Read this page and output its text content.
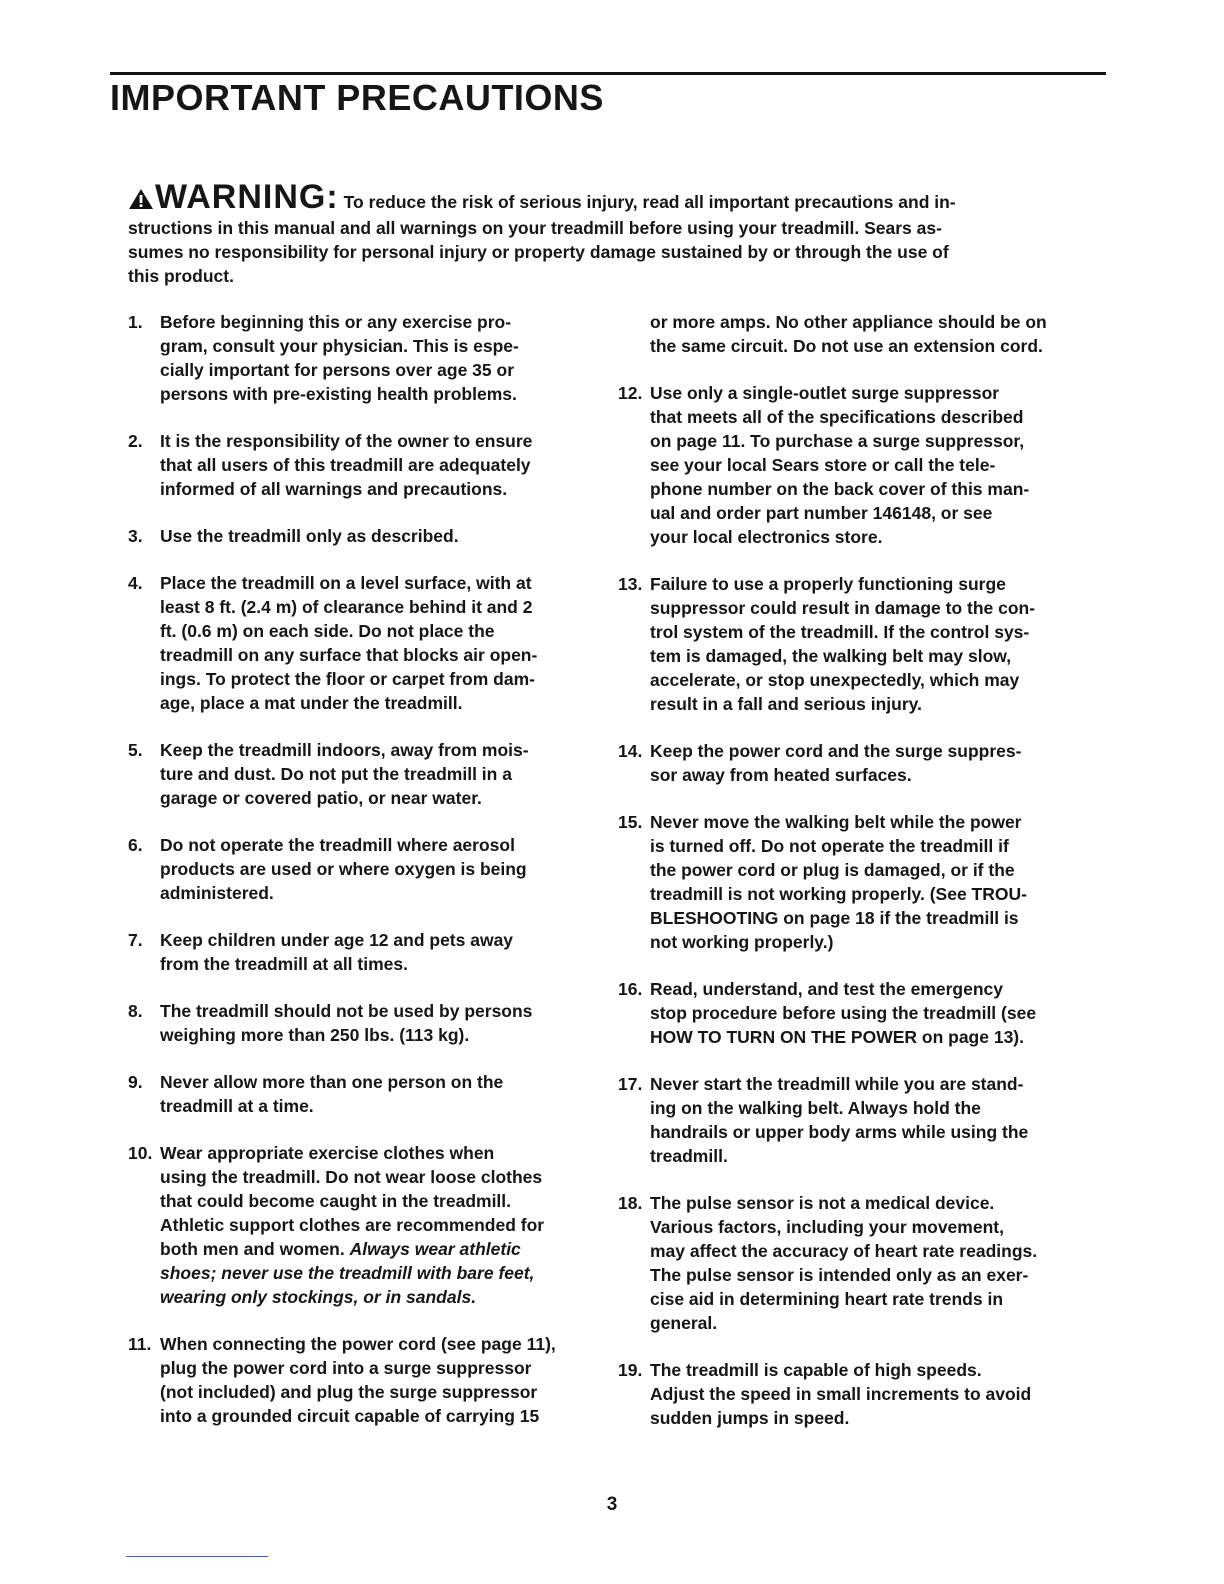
IMPORTANT PRECAUTIONS
WARNING: To reduce the risk of serious injury, read all important precautions and in-
structions in this manual and all warnings on your treadmill before using your treadmill. Sears as-
sumes no responsibility for personal injury or property damage sustained by or through the use of
this product.
1. Before beginning this or any exercise pro-
gram, consult your physician. This is espe-
cially important for persons over age 35 or
persons with pre-existing health problems.
2. It is the responsibility of the owner to ensure
that all users of this treadmill are adequately
informed of all warnings and precautions.
3. Use the treadmill only as described.
4. Place the treadmill on a level surface, with at
least 8 ft. (2.4 m) of clearance behind it and 2
ft. (0.6 m) on each side. Do not place the
treadmill on any surface that blocks air open-
ings. To protect the floor or carpet from dam-
age, place a mat under the treadmill.
5. Keep the treadmill indoors, away from mois-
ture and dust. Do not put the treadmill in a
garage or covered patio, or near water.
6. Do not operate the treadmill where aerosol
products are used or where oxygen is being
administered.
7. Keep children under age 12 and pets away
from the treadmill at all times.
8. The treadmill should not be used by persons
weighing more than 250 lbs. (113 kg).
9. Never allow more than one person on the
treadmill at a time.
10. Wear appropriate exercise clothes when
using the treadmill. Do not wear loose clothes
that could become caught in the treadmill.
Athletic support clothes are recommended for
both men and women. Always wear athletic
shoes; never use the treadmill with bare feet,
wearing only stockings, or in sandals.
11. When connecting the power cord (see page 11),
plug the power cord into a surge suppressor
(not included) and plug the surge suppressor
into a grounded circuit capable of carrying 15
or more amps. No other appliance should be on
the same circuit. Do not use an extension cord.
12. Use only a single-outlet surge suppressor
that meets all of the specifications described
on page 11. To purchase a surge suppressor,
see your local Sears store or call the tele-
phone number on the back cover of this man-
ual and order part number 146148, or see
your local electronics store.
13. Failure to use a properly functioning surge
suppressor could result in damage to the con-
trol system of the treadmill. If the control sys-
tem is damaged, the walking belt may slow,
accelerate, or stop unexpectedly, which may
result in a fall and serious injury.
14. Keep the power cord and the surge suppres-
sor away from heated surfaces.
15. Never move the walking belt while the power
is turned off. Do not operate the treadmill if
the power cord or plug is damaged, or if the
treadmill is not working properly. (See TROU-
BLESHOOTING on page 18 if the treadmill is
not working properly.)
16. Read, understand, and test the emergency
stop procedure before using the treadmill (see
HOW TO TURN ON THE POWER on page 13).
17. Never start the treadmill while you are stand-
ing on the walking belt. Always hold the
handrails or upper body arms while using the
treadmill.
18. The pulse sensor is not a medical device.
Various factors, including your movement,
may affect the accuracy of heart rate readings.
The pulse sensor is intended only as an exer-
cise aid in determining heart rate trends in
general.
19. The treadmill is capable of high speeds.
Adjust the speed in small increments to avoid
sudden jumps in speed.
3
